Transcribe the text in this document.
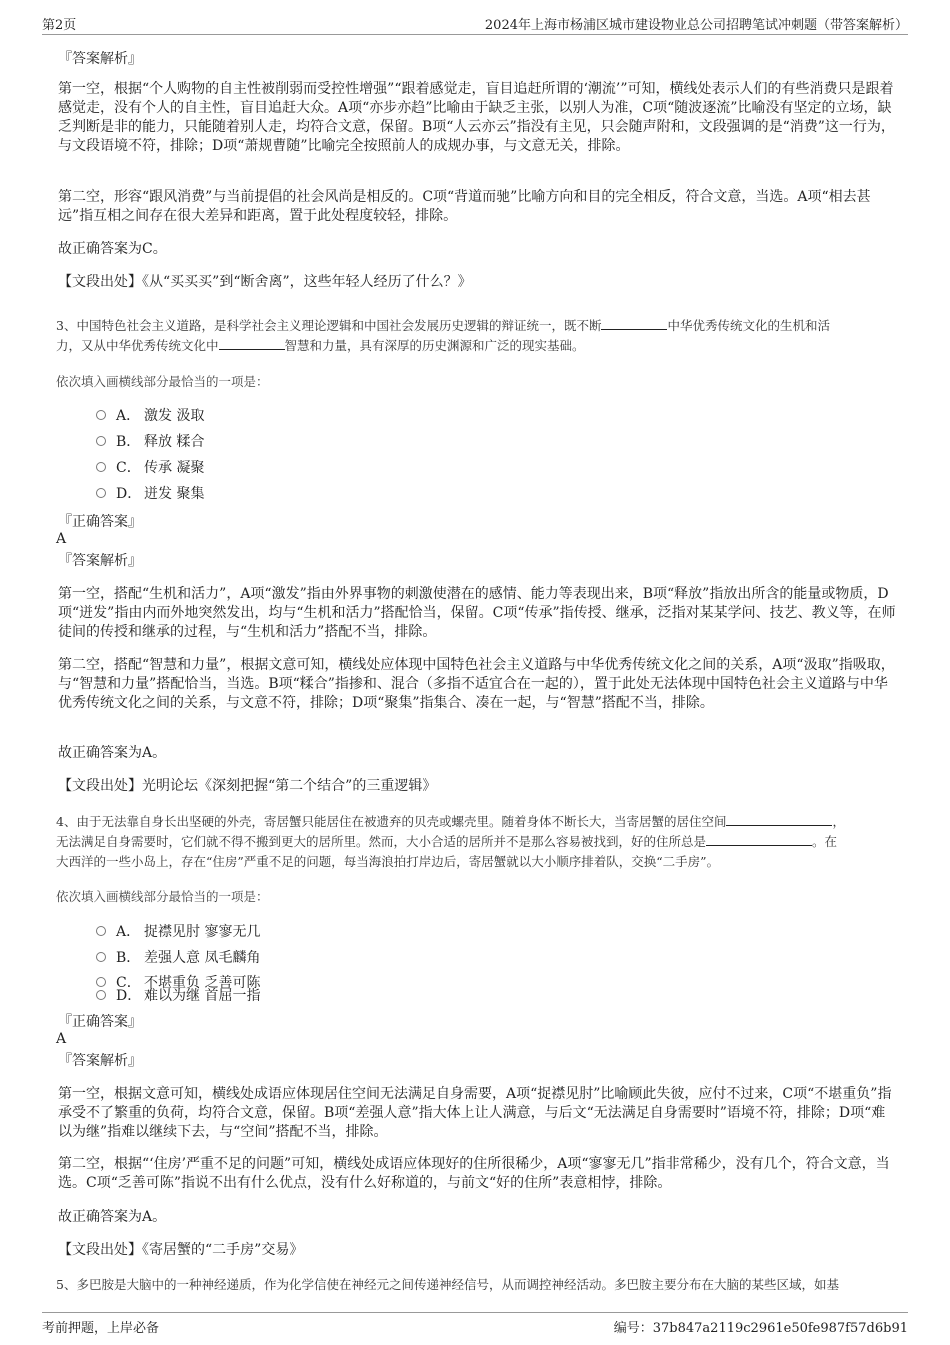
第2页	2024年上海市杨浦区城市建设物业总公司招聘笔试冲刺题（带答案解析）
『答案解析』
第一空，根据“个人购物的自主性被削弱而受控性增强”“跟着感觉走，盲目追赶所谓的‘潮流’”可知，横线处表示人们的有些消费只是跟着感觉走，没有个人的自主性，盲目追赶大众。A项“亦步亦趋”比喻由于缺乏主张，以别人为准，C项“随波逐流”比喻没有坚定的立场，缺乏判断是非的能力，只能随着别人走，均符合文意，保留。B项“人云亦云”指没有主见，只会随声附和，文段强调的是“消费”这一行为，与文段语境不符，排除；D项“萧规曹随”比喻完全按照前人的成规办事，与文意无关，排除。
第二空，形容“跟风消费”与当前提倡的社会风尚是相反的。C项“背道而驰”比喻方向和目的完全相反，符合文意，当选。A项“相去甚远”指互相之间存在很大差异和距离，置于此处程度较轻，排除。
故正确答案为C。
【文段出处】《从“买买买”到“断舍离”，这些年轻人经历了什么？》
3、中国特色社会主义道路，是科学社会主义理论逻辑和中国社会发展历史逻辑的辩证统一，既不断	中华优秀传统文化的生机和活
力，又从中华优秀传统文化中	智慧和力量，具有深厚的历史渊源和广泛的现实基础。
依次填入画横线部分最恰当的一项是：
A． 激发 汲取
B． 释放 糅合
C． 传承 凝聚
D． 迸发 聚集
『正确答案』
A
『答案解析』
第一空，搭配“生机和活力”，A项“激发”指由外界事物的刺激使潜在的感情、能力等表现出来，B项“释放”指放出所含的能量或物质，D项“迸发”指由内而外地突然发出，均与“生机和活力”搭配恰当，保留。C项“传承”指传授、继承，泛指对某某学问、技艺、教义等，在师徒间的传授和继承的过程，与“生机和活力”搭配不当，排除。
第二空，搭配“智慧和力量”，根据文意可知，横线处应体现中国特色社会主义道路与中华优秀传统文化之间的关系，A项“汲取”指吸取，与“智慧和力量”搭配恰当，当选。B项“糅合”指掺和、混合（多指不适宜合在一起的），置于此处无法体现中国特色社会主义道路与中华优秀传统文化之间的关系，与文意不符，排除；D项“聚集”指集合、凑在一起，与“智慧”搭配不当，排除。
故正确答案为A。
【文段出处】光明论坛《深刻把握“第二个结合”的三重逻辑》
4、由于无法靠自身长出坚硬的外壳，寄居蟹只能居住在被遗弃的贝壳或螺壳里。随着身体不断长大，当寄居蟹的居住空间	，
无法满足自身需要时，它们就不得不搬到更大的居所里。然而，大小合适的居所并不是那么容易被找到，好的住所总是	。在
大西洋的一些小岛上，存在“住房”严重不足的问题，每当海浪拍打岸边后，寄居蟹就以大小顺序排着队，交换“二手房”。
依次填入画横线部分最恰当的一项是：
A． 捉襟见肘 寥寥无几
B． 差强人意 凤毛麟角
C． 不堪重负 乏善可陈
D． 难以为继 首屈一指
『正确答案』
A
『答案解析』
第一空，根据文意可知，横线处成语应体现居住空间无法满足自身需要，A项“捉襟见肘”比喻顾此失彼，应付不过来，C项“不堪重负”指承受不了繁重的负荷，均符合文意，保留。B项“差强人意”指大体上让人满意，与后文“无法满足自身需要时”语境不符，排除；D项“难以为继”指难以继续下去，与“空间”搭配不当，排除。
第二空，根据“‘住房’严重不足的问题”可知，横线处成语应体现好的住所很稀少，A项“寥寥无几”指非常稀少，没有几个，符合文意，当选。C项“乏善可陈”指说不出有什么优点，没有什么好称道的，与前文“好的住所”表意相悖，排除。
故正确答案为A。
【文段出处】《寄居蟹的“二手房”交易》
5、多巴胺是大脑中的一种神经递质，作为化学信使在神经元之间传递神经信号，从而调控神经活动。多巴胺主要分布在大脑的某些区域，如基
考前押题，上岸必备	编号：37b847a2119c2961e50fe987f57d6b91
